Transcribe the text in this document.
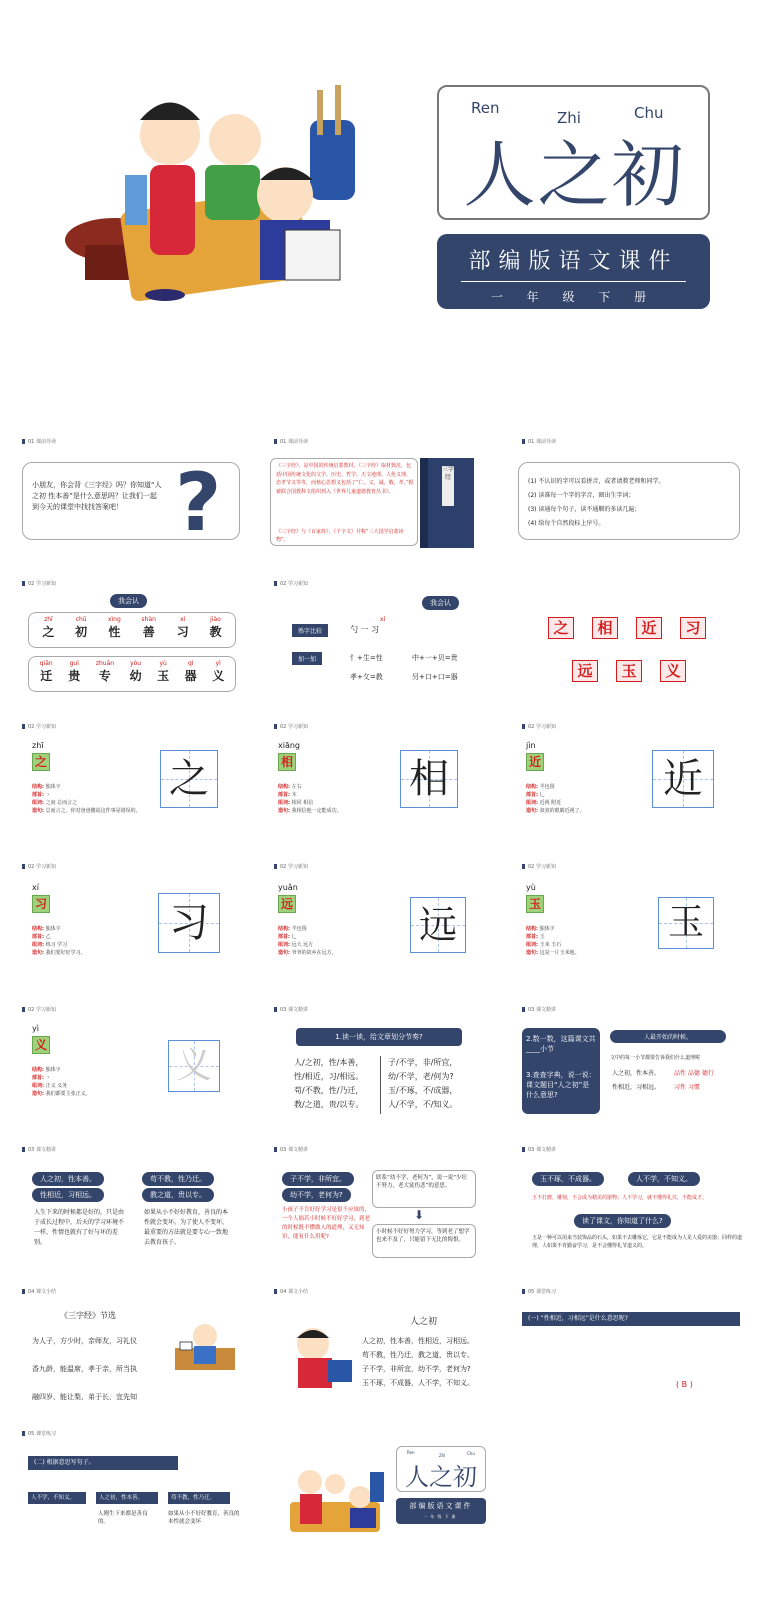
Ren
Zhi	Chu
人之初
部编版语文课件
一 年 级 下 册
01 课前导读
小朋友，你会背《三字经》吗？你知道“人之初 性本善”是什么意思吗？让我们一起到今天的课堂中找找答案吧！ ?
01 课前导读
《三字经》，是中国的传统启蒙教材。《三字经》取材典范，包括中国传统文化的文学、历史、哲学、天文地理、人伦义理、忠孝节义等等，而核心思想又包括了“仁，义，诚，敬，孝。”据被联合国教科文组织列入《世界儿童道德教育丛书》。
《三字经》与《百家姓》，《千字文》并称“三大国学启蒙读物”。
三字经
01 课前导读
(1) 不认识的字可以看拼音，或者请教老师和同学。
(2) 读准每一个字的字音，圈出生字词；
(3) 读通每个句子，读不通顺的多读几遍；
(4) 给每个自然段标上序号。
02 学习新知
我会认
zhī
之
chū
初
xìng
性
shàn
善
xí
习
jiào
教
qiān
迁
guì
贵
zhuān
专
yòu
幼
yù
玉
qì
器
yì
义
02 学习新知
我会认
熟字比较
xí
勺 一 习
加一加	忄+生=性	中+一+贝=贵
孝+攵=教	叧+口+口=器
之	相	近	习
远	玉	义
02 学习新知
zhī
之
结构: 独体字
部首: 丶
组词: 之间 总而言之
造句: 总而言之，你对爸爸撒谎这件事是错误的。
之
02 学习新知
xiāng
相
结构: 左右
部首: 木
组词: 相同 相信
造句: 我相信他一定能成功。
相
02 学习新知
jìn
近
结构: 半包围
部首: 辶
组词: 近视 附近
造句: 叔叔的眼睛近视了。
近
02 学习新知
xí
习
结构: 独体字
部首: 乙
组词: 练习 学习
造句: 我们要好好学习。
习
02 学习新知
yuǎn
远
结构: 半包围
部首: 辶
组词: 远大 远方
造句: 爷爷的故乡在远方。
远
02 学习新知
yù
玉
结构: 独体字
部首: 玉
组词: 玉米 玉石
造句: 这是一片玉米地。
玉
02 学习新知
yì
义
结构: 独体字
部首: 丶
组词: 正义 义务
造句: 我们都要主张正义。
义
03 课文精讲
1.读一读，给文章划分节奏?
人/之初，性/本善，
性/相近，习/相远。
苟/不教，性/乃迁，
教/之道，贵/以专。
子/不学，非/所宜，
幼/不学，老/何为?
玉/不琢，不/成器，
人/不学，不/知义。
03 课文精讲
2.数一数，这篇课文共____小节
3.查查字典，说一说：课文题目“人之初”是什么意思?
人最开始的时候。
文中的每一小节都要告诉我们什么道理呢
人之初，性本善， 品性 品德 德行
性相近，习相远。 习性 习惯
03 课文精讲
人之初，性本善。
性相近，习相远。
人生下来的时候都是好的，只是由于成长过程中，后天的学习环境不一样，性情也就有了好与坏的差别。
苟不教，性乃迁。
教之道，贵以专。
如果从小不好好教育，善良的本性就会变坏。为了使人不变坏，最重要的方法就是要专心一致地去教育孩子。
03 课文精讲
子不学，非所宜。
幼不学，老何为?
小孩子不肯好好学习是很不应该的，一个人倘若小时候不好好学习，到老的时候既不懂做人的道理，又无知识，能有什么用呢?
联系“幼不学，老何为”，说一说“少壮不努力，老大徒伤悲”的意思。
⬇
小时候不好好努力学习，等到老了想学也来不及了，只能留下无比的悔恨。
03 课文精讲
玉不琢，不成器。	人不学，不知义。
玉不打磨，雕刻，不会成为精美的器物；人不学习，就不懂得礼仪，不能成才。
读了课文，你知道了什么?
玉是一种可以用来当装饰品的石头，如果不去雕琢它，它是不能成为人见人爱的美器；同样的道理，人如果不肯勤奋学习，是不会懂得礼节道义的。
04 课文小结
《三字经》节选
为人子，方少时，亲师友，习礼仪
香九龄，能温席，孝于亲，所当执
融四岁，能让梨，弟于长，宜先知
04 课文小结
人之初
人之初，性本善，性相近，习相远。
苟不教，性乃迁，教之道，贵以专。
子不学，非所宜，幼不学，老何为?
玉不琢，不成器，人不学，不知义。
05 课堂练习
(一) “性相近，习相远”是什么意思呢?
( B )
05 课堂练习
(二) 根据意思写句子。
人不学，不知义。	人之初，性本善。	苟不教，性乃迁。
人刚生下来都是善良的。
如果从小不好好教育，善良的本性就会变坏
Ren
Zhi	Chu
人之初
部编版语文课件
一年级下册
